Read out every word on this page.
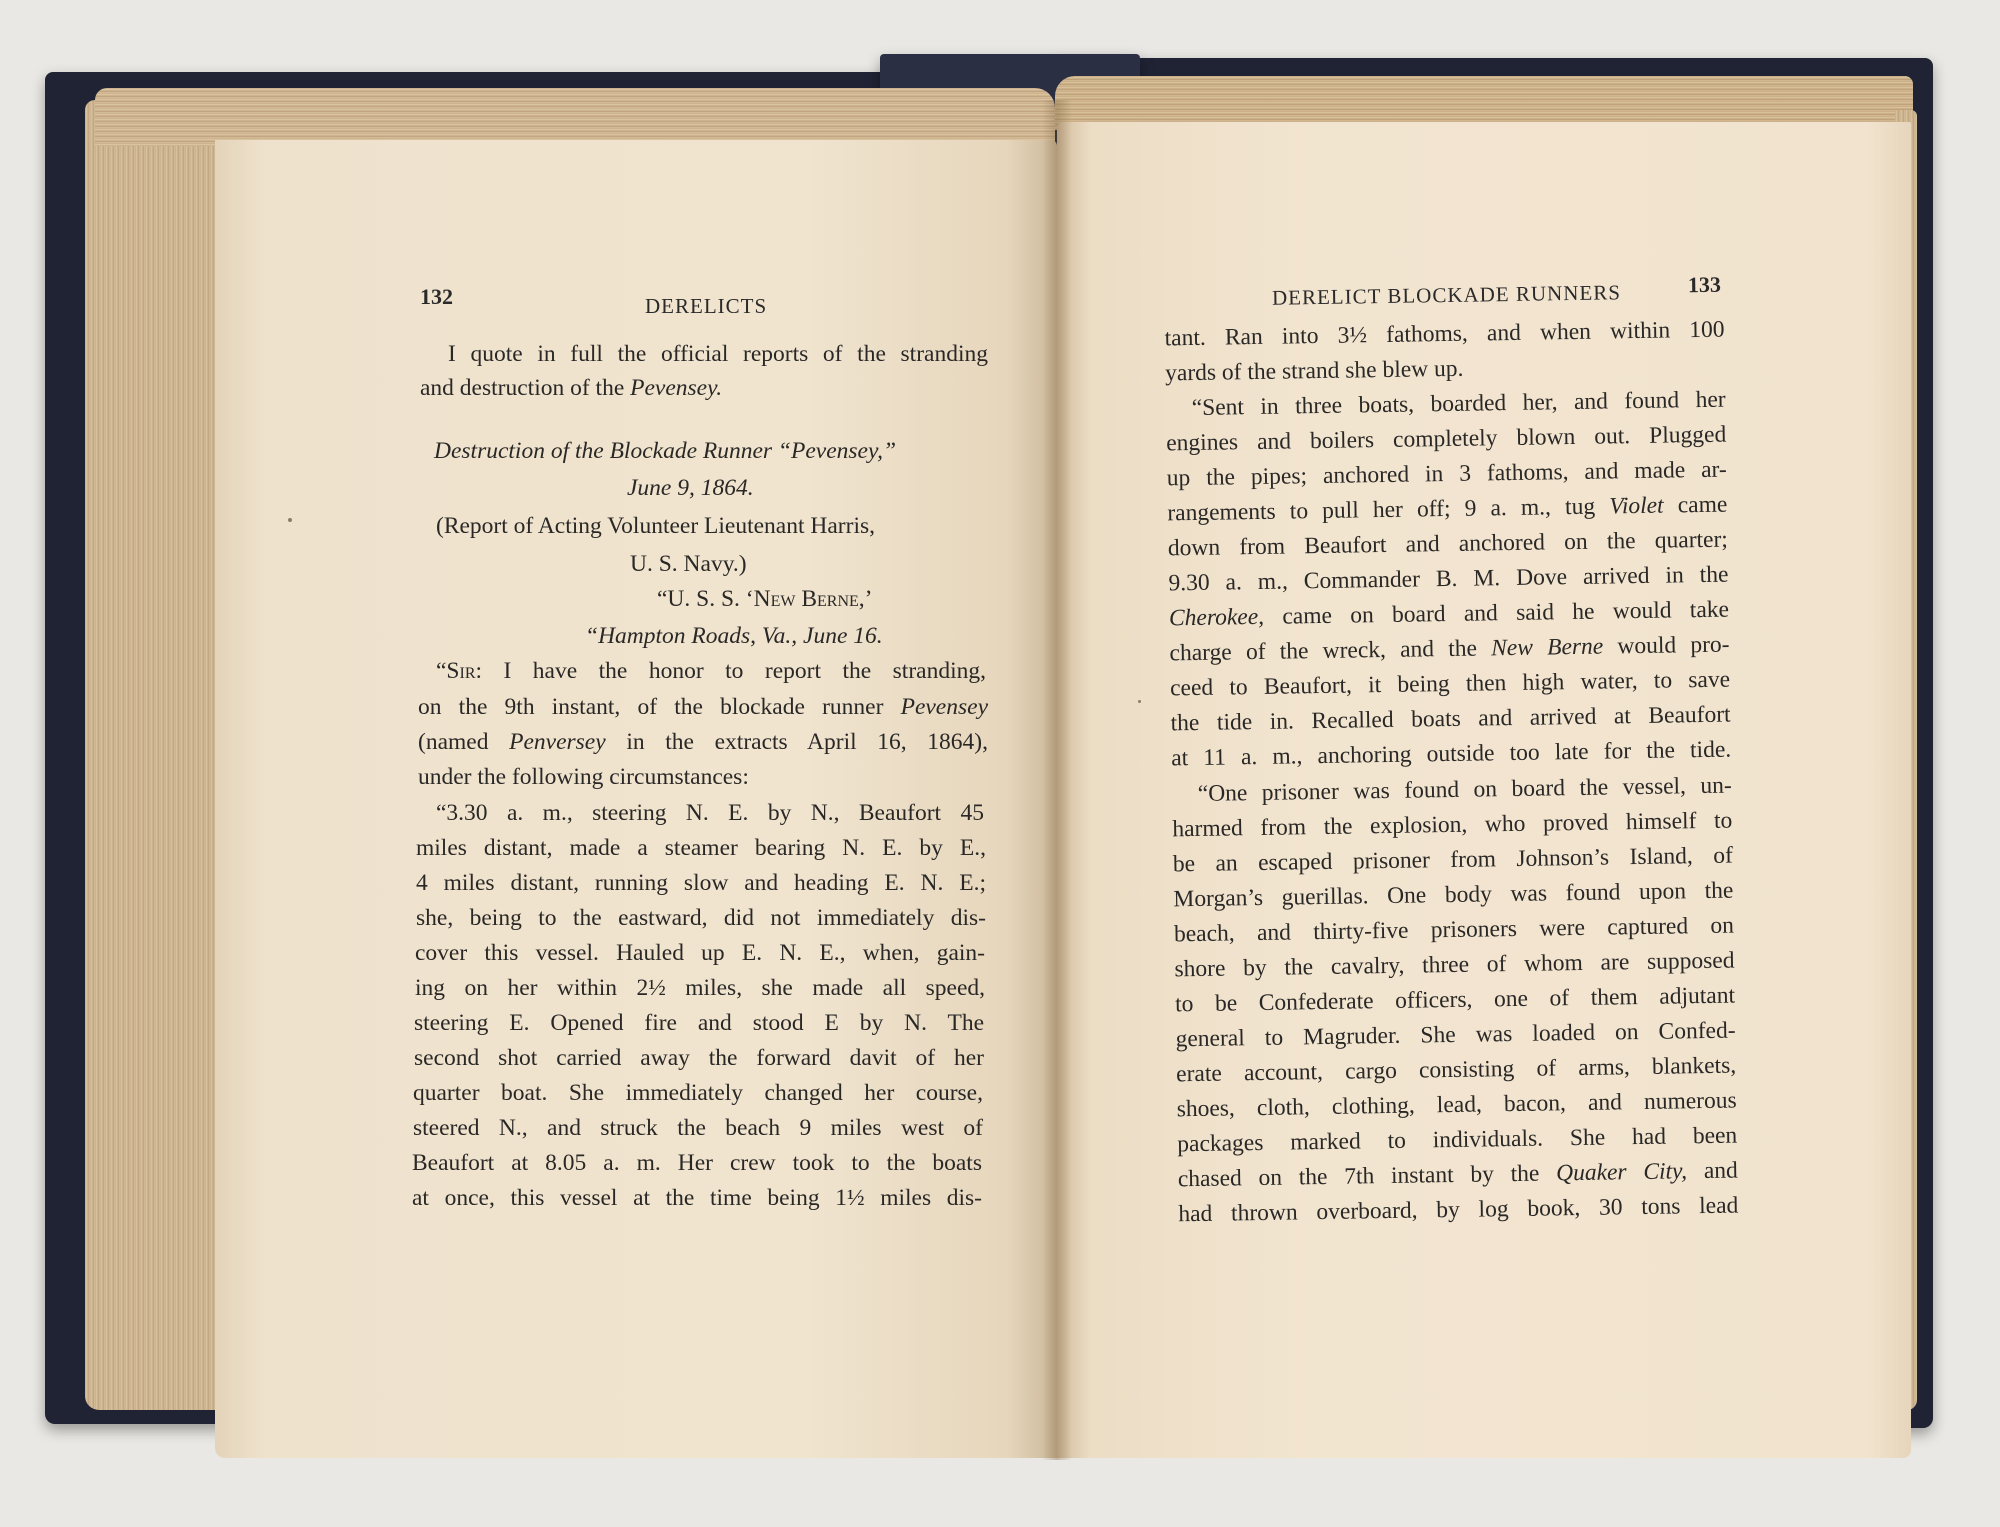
132	DERELICTS
I quote in full the official reports of the stranding
and destruction of the Pevensey.
Destruction of the Blockade Runner “Pevensey,”
June 9, 1864.
(Report of Acting Volunteer Lieutenant Harris,
U. S. Navy.)
“U. S. S. ‘New Berne,’
“Hampton Roads, Va., June 16.
“Sir: I have the honor to report the stranding,
on the 9th instant, of the blockade runner Pevensey
(named Penversey in the extracts April 16, 1864),
under the following circumstances:
“3.30 a. m., steering N. E. by N., Beaufort 45
miles distant, made a steamer bearing N. E. by E.,
4 miles distant, running slow and heading E. N. E.;
she, being to the eastward, did not immediately dis-
cover this vessel. Hauled up E. N. E., when, gain-
ing on her within 2½ miles, she made all speed,
steering E. Opened fire and stood E by N. The
second shot carried away the forward davit of her
quarter boat. She immediately changed her course,
steered N., and struck the beach 9 miles west of
Beaufort at 8.05 a. m. Her crew took to the boats
at once, this vessel at the time being 1½ miles dis-
DERELICT BLOCKADE RUNNERS	133
tant. Ran into 3½ fathoms, and when within 100
yards of the strand she blew up.
“Sent in three boats, boarded her, and found her
engines and boilers completely blown out. Plugged
up the pipes; anchored in 3 fathoms, and made ar-
rangements to pull her off; 9 a. m., tug Violet came
down from Beaufort and anchored on the quarter;
9.30 a. m., Commander B. M. Dove arrived in the
Cherokee, came on board and said he would take
charge of the wreck, and the New Berne would pro-
ceed to Beaufort, it being then high water, to save
the tide in. Recalled boats and arrived at Beaufort
at 11 a. m., anchoring outside too late for the tide.
“One prisoner was found on board the vessel, un-
harmed from the explosion, who proved himself to
be an escaped prisoner from Johnson’s Island, of
Morgan’s guerillas. One body was found upon the
beach, and thirty-five prisoners were captured on
shore by the cavalry, three of whom are supposed
to be Confederate officers, one of them adjutant
general to Magruder. She was loaded on Confed-
erate account, cargo consisting of arms, blankets,
shoes, cloth, clothing, lead, bacon, and numerous
packages marked to individuals. She had been
chased on the 7th instant by the Quaker City, and
had thrown overboard, by log book, 30 tons lead
